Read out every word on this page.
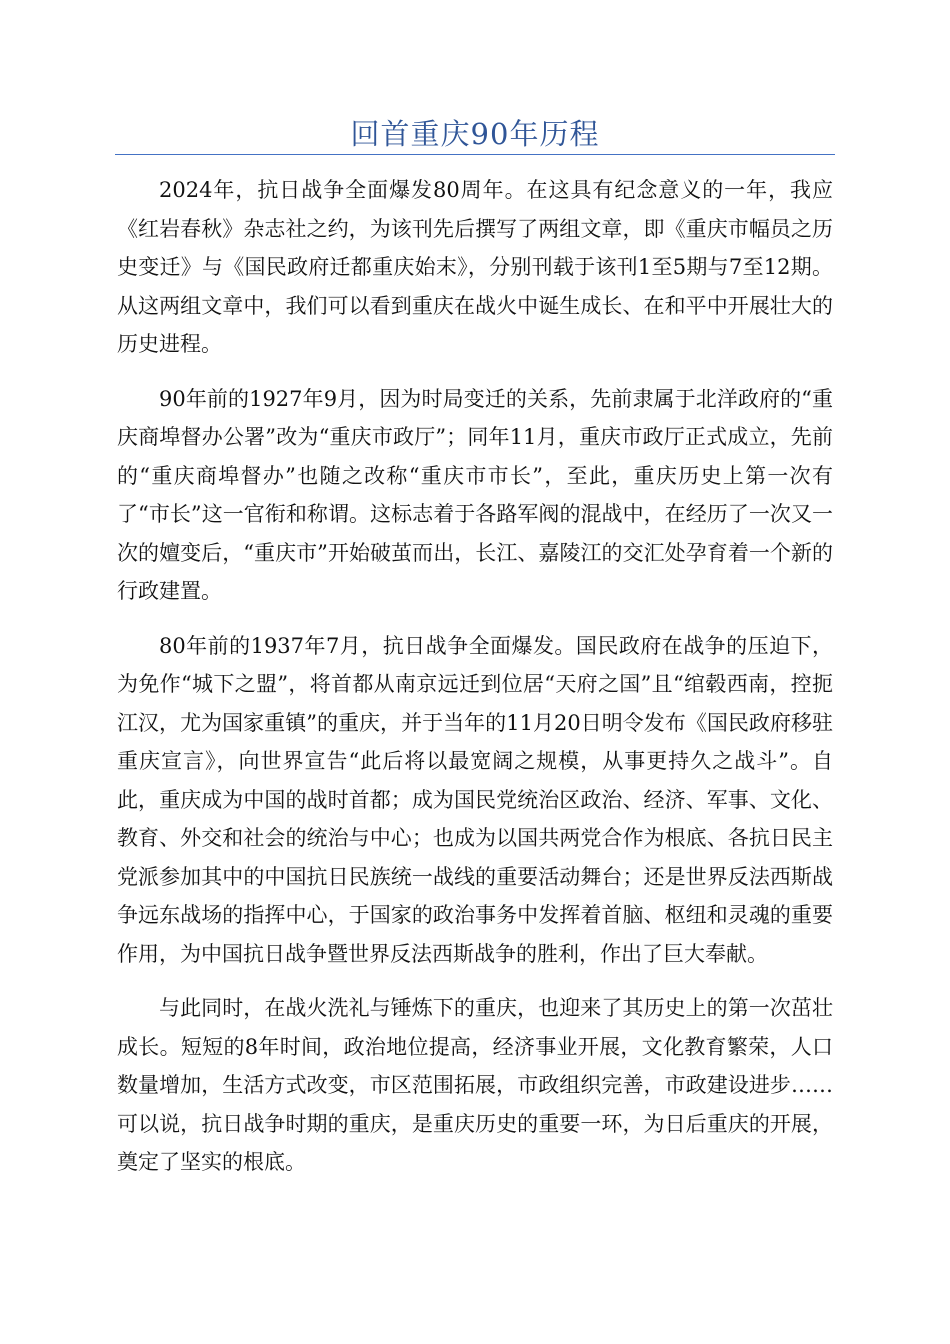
回首重庆90年历程

2024年，抗日战争全面爆发80周年。在这具有纪念意义的一年，我应《红岩春秋》杂志社之约，为该刊先后撰写了两组文章，即《重庆市幅员之历史变迁》与《国民政府迁都重庆始末》，分别刊载于该刊1至5期与7至12期。从这两组文章中，我们可以看到重庆在战火中诞生成长、在和平中开展壮大的历史进程。

90年前的1927年9月，因为时局变迁的关系，先前隶属于北洋政府的“重庆商埠督办公署”改为“重庆市政厅”；同年11月，重庆市政厅正式成立，先前的“重庆商埠督办”也随之改称“重庆市市长”，至此，重庆历史上第一次有了“市长”这一官衔和称谓。这标志着于各路军阀的混战中，在经历了一次又一次的嬗变后，“重庆市”开始破茧而出，长江、嘉陵江的交汇处孕育着一个新的行政建置。

80年前的1937年7月，抗日战争全面爆发。国民政府在战争的压迫下，为免作“城下之盟”，将首都从南京远迁到位居“天府之国”且“绾毂西南，控扼江汉，尤为国家重镇”的重庆，并于当年的11月20日明令发布《国民政府移驻重庆宣言》，向世界宣告“此后将以最宽阔之规模，从事更持久之战斗”。自此，重庆成为中国的战时首都；成为国民党统治区政治、经济、军事、文化、教育、外交和社会的统治与中心；也成为以国共两党合作为根底、各抗日民主党派参加其中的中国抗日民族统一战线的重要活动舞台；还是世界反法西斯战争远东战场的指挥中心，于国家的政治事务中发挥着首脑、枢纽和灵魂的重要作用，为中国抗日战争暨世界反法西斯战争的胜利，作出了巨大奉献。

与此同时，在战火洗礼与锤炼下的重庆，也迎来了其历史上的第一次茁壮成长。短短的8年时间，政治地位提高，经济事业开展，文化教育繁荣，人口数量增加，生活方式改变，市区范围拓展，市政组织完善，市政建设进步……可以说，抗日战争时期的重庆，是重庆历史的重要一环，为日后重庆的开展，奠定了坚实的根底。
